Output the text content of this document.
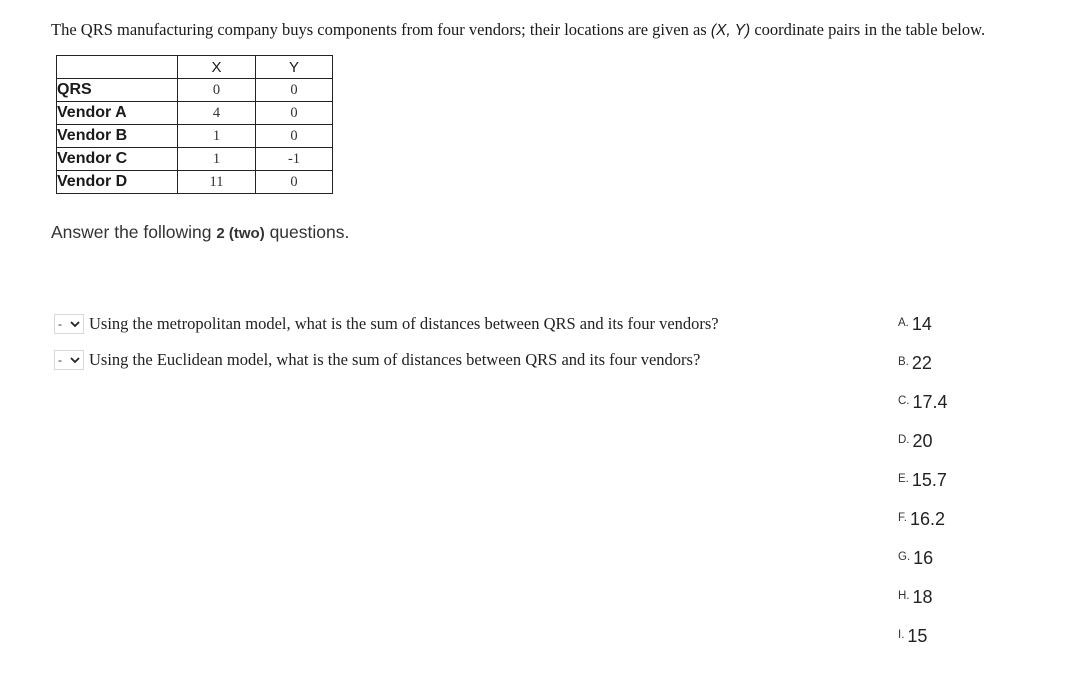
The QRS manufacturing company buys components from four vendors; their locations are given as (X, Y) coordinate pairs in the table below.
	X	Y
QRS	0	0
Vendor A	4	0
Vendor B	1	0
Vendor C	1	-1
Vendor D	11	0
Answer the following 2 (two) questions.
- Using the metropolitan model, what is the sum of distances between QRS and its four vendors?
- Using the Euclidean model, what is the sum of distances between QRS and its four vendors?
$^{A.}$ 14
$^{B.}$ 22
$^{C.}$ 17.4
$^{D.}$ 20
$^{E.}$ 15.7
$^{F.}$ 16.2
$^{G.}$ 16
$^{H.}$ 18
$^{I.}$ 15
